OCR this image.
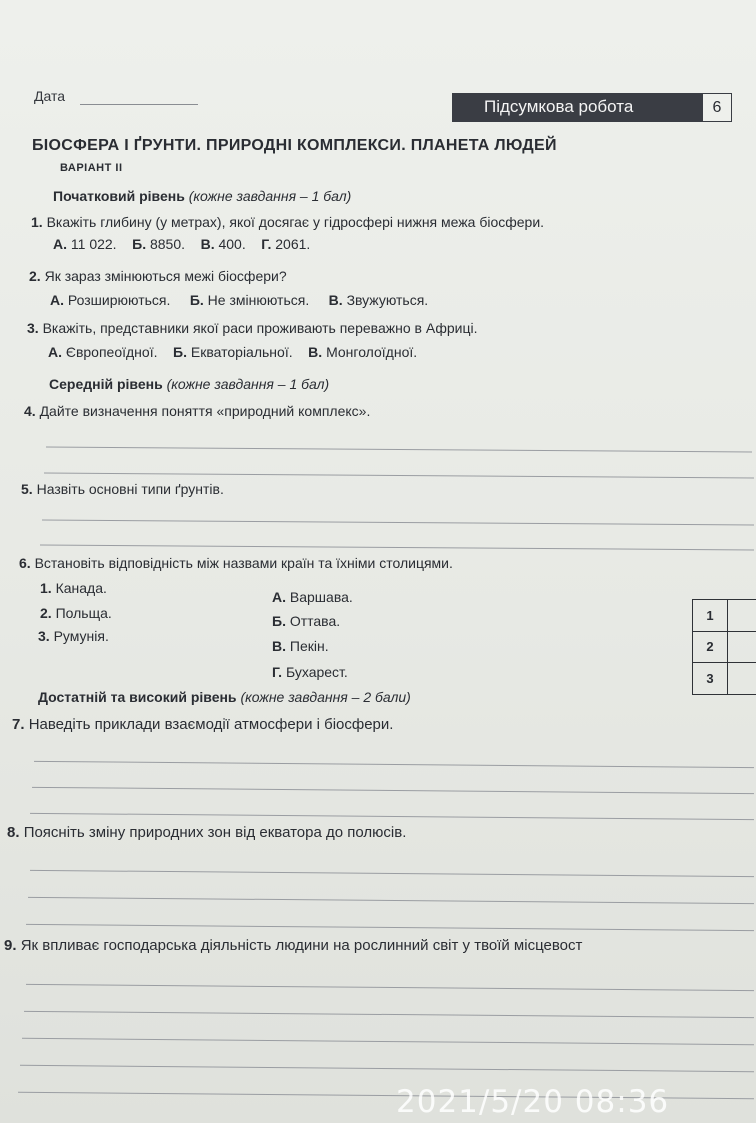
Дата
Підсумкова робота	6
БІОСФЕРА І ҐРУНТИ. ПРИРОДНІ КОМПЛЕКСИ. ПЛАНЕТА ЛЮДЕЙ
ВАРІАНТ ІІ
Початковий рівень (кожне завдання – 1 бал)
1. Вкажіть глибину (у метрах), якої досягає у гідросфері нижня межа біосфери.
А. 11 022. Б. 8850. В. 400. Г. 2061.
2. Як зараз змінюються межі біосфери?
А. Розширюються. Б. Не змінюються. В. Звужуються.
3. Вкажіть, представники якої раси проживають переважно в Африці.
А. Європеоїдної. Б. Екваторіальної. В. Монголоїдної.
Середній рівень (кожне завдання – 1 бал)
4. Дайте визначення поняття «природний комплекс».
5. Назвіть основні типи ґрунтів.
6. Встановіть відповідність між назвами країн та їхніми столицями.
1. Канада.
2. Польща.
3. Румунія.
А. Варшава.
Б. Оттава.
В. Пекін.
Г. Бухарест.
1	
2	
3	
Достатній та високий рівень (кожне завдання – 2 бали)
7. Наведіть приклади взаємодії атмосфери і біосфери.
8. Поясніть зміну природних зон від екватора до полюсів.
9. Як впливає господарська діяльність людини на рослинний світ у твоїй місцевост
2021/5/20 08:36
